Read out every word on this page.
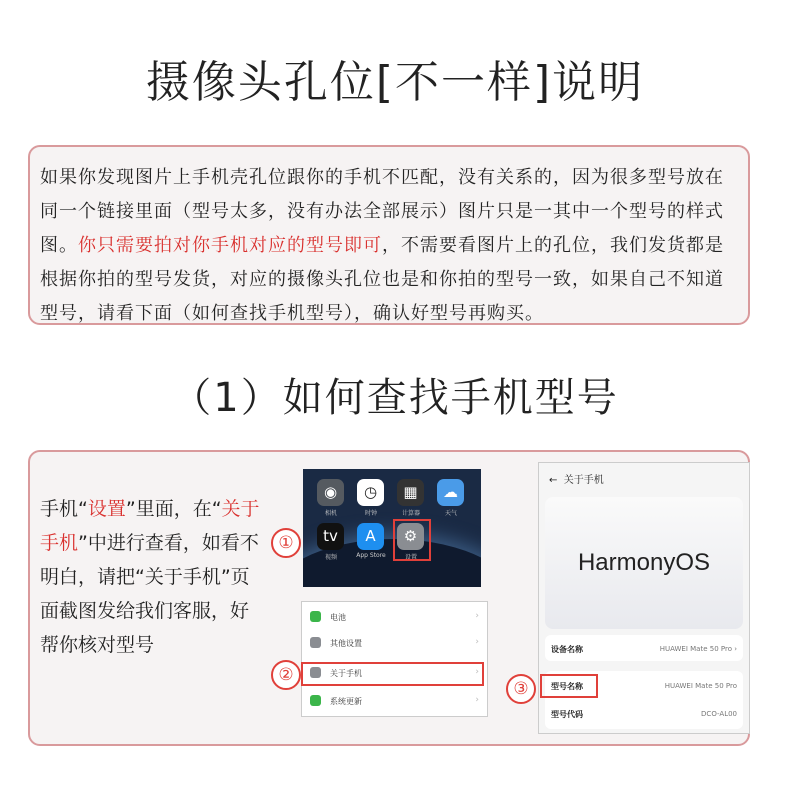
摄像头孔位[不一样]说明
如果你发现图片上手机壳孔位跟你的手机不匹配，没有关系的，因为很多型号放在同一个链接里面（型号太多，没有办法全部展示）图片只是一其中一个型号的样式图。你只需要拍对你手机对应的型号即可，不需要看图片上的孔位，我们发货都是根据你拍的型号发货，对应的摄像头孔位也是和你拍的型号一致，如果自己不知道型号，请看下面（如何查找手机型号），确认好型号再购买。
（1）如何查找手机型号
手机“设置”里面，在“关于手机”中进行查看，如看不明白，请把“关于手机”页面截图发给我们客服，好帮你核对型号
◉
相机
◷
时钟
▦
计算器
☁
天气
tv
视频
A
App Store
⚙
设置
①
电池	›
其他设置	›
关于手机	›
系统更新	›
②
← 关于手机
HarmonyOS
设备名称	HUAWEI Mate 50 Pro ›
型号名称	HUAWEI Mate 50 Pro
型号代码	DCO-AL00
③
